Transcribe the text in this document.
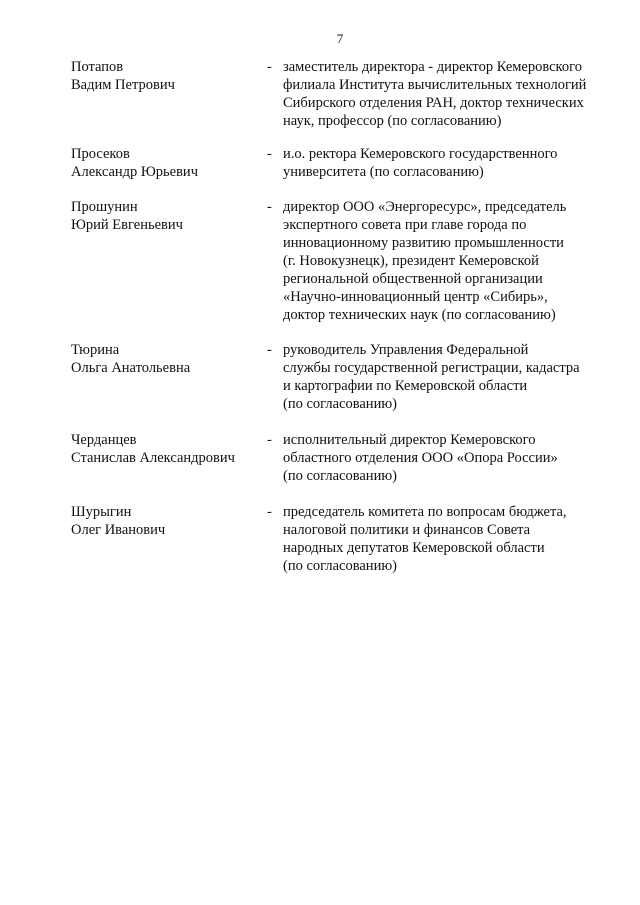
7
Потапов
Вадим Петрович
- заместитель директора - директор Кемеровского
филиала Института вычислительных технологий
Сибирского отделения РАН, доктор технических
наук, профессор (по согласованию)
Просеков
Александр Юрьевич
- и.о. ректора Кемеровского государственного
университета (по согласованию)
Прошунин
Юрий Евгеньевич
- директор ООО «Энергоресурс», председатель
экспертного совета при главе города по
инновационному развитию промышленности
(г. Новокузнецк), президент Кемеровской
региональной общественной организации
«Научно-инновационный центр «Сибирь»,
доктор технических наук (по согласованию)
Тюрина
Ольга Анатольевна
- руководитель Управления Федеральной
службы государственной регистрации, кадастра
и картографии по Кемеровской области
(по согласованию)
Черданцев
Станислав Александрович
- исполнительный директор Кемеровского
областного отделения ООО «Опора России»
(по согласованию)
Шурыгин
Олег Иванович
- председатель комитета по вопросам бюджета,
налоговой политики и финансов Совета
народных депутатов Кемеровской области
(по согласованию)
